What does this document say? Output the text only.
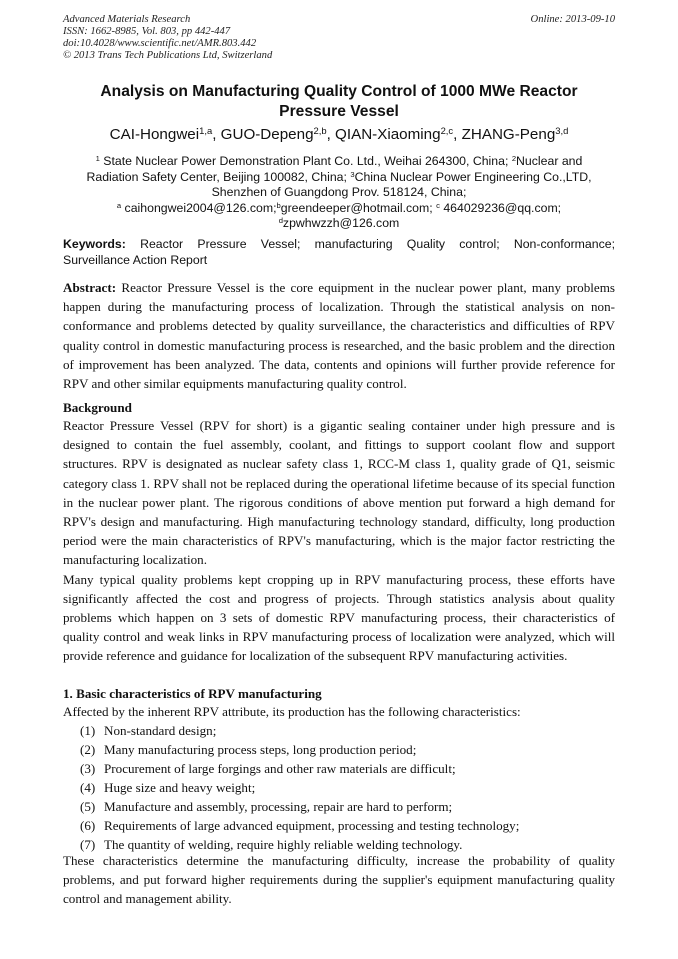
Advanced Materials Research
ISSN: 1662-8985, Vol. 803, pp 442-447
doi:10.4028/www.scientific.net/AMR.803.442
© 2013 Trans Tech Publications Ltd, Switzerland
Online: 2013-09-10
Analysis on Manufacturing Quality Control of 1000 MWe Reactor
Pressure Vessel
CAI-Hongwei$^{1,a}$, GUO-Depeng$^{2,b}$, QIAN-Xiaoming$^{2,c}$, ZHANG-Peng$^{3,d}$
$^1$ State Nuclear Power Demonstration Plant Co. Ltd., Weihai 264300, China; $^2$Nuclear and Radiation Safety Center, Beijing 100082, China; $^3$China Nuclear Power Engineering Co.,LTD, Shenzhen of Guangdong Prov. 518124, China;
$^a$ caihongwei2004@126.com;$^b$greendeeper@hotmail.com; $^c$ 464029236@qq.com;
$^d$zpwhwzzh@126.com
Keywords: Reactor Pressure Vessel; manufacturing Quality control; Non-conformance;
Surveillance Action Report

Abstract: Reactor Pressure Vessel is the core equipment in the nuclear power plant, many problems happen during the manufacturing process of localization. Through the statistical analysis on non-conformance and problems detected by quality surveillance, the characteristics and difficulties of RPV quality control in domestic manufacturing process is researched, and the basic problem and the direction of improvement has been analyzed. The data, contents and opinions will further provide reference for RPV and other similar equipments manufacturing quality control.

Background

Reactor Pressure Vessel (RPV for short) is a gigantic sealing container under high pressure and is designed to contain the fuel assembly, coolant, and fittings to support coolant flow and support structures. RPV is designated as nuclear safety class 1, RCC-M class 1, quality grade of Q1, seismic category class 1. RPV shall not be replaced during the operational lifetime because of its special function in the nuclear power plant. The rigorous conditions of above mention put forward a high demand for RPV's design and manufacturing. High manufacturing technology standard, difficulty, long production period were the main characteristics of RPV's manufacturing, which is the major factor restricting the manufacturing localization.

Many typical quality problems kept cropping up in RPV manufacturing process, these efforts have significantly affected the cost and progress of projects. Through statistics analysis about quality problems which happen on 3 sets of domestic RPV manufacturing process, their characteristics of quality control and weak links in RPV manufacturing process of localization were analyzed, which will provide reference and guidance for localization of the subsequent RPV manufacturing activities.

1. Basic characteristics of RPV manufacturing
Affected by the inherent RPV attribute, its production has the following characteristics:
(1) Non-standard design;
(2) Many manufacturing process steps, long production period;
(3) Procurement of large forgings and other raw materials are difficult;
(4) Huge size and heavy weight;
(5) Manufacture and assembly, processing, repair are hard to perform;
(6) Requirements of large advanced equipment, processing and testing technology;
(7) The quantity of welding, require highly reliable welding technology.

These characteristics determine the manufacturing difficulty, increase the probability of quality problems, and put forward higher requirements during the supplier's equipment manufacturing quality control and management ability.
